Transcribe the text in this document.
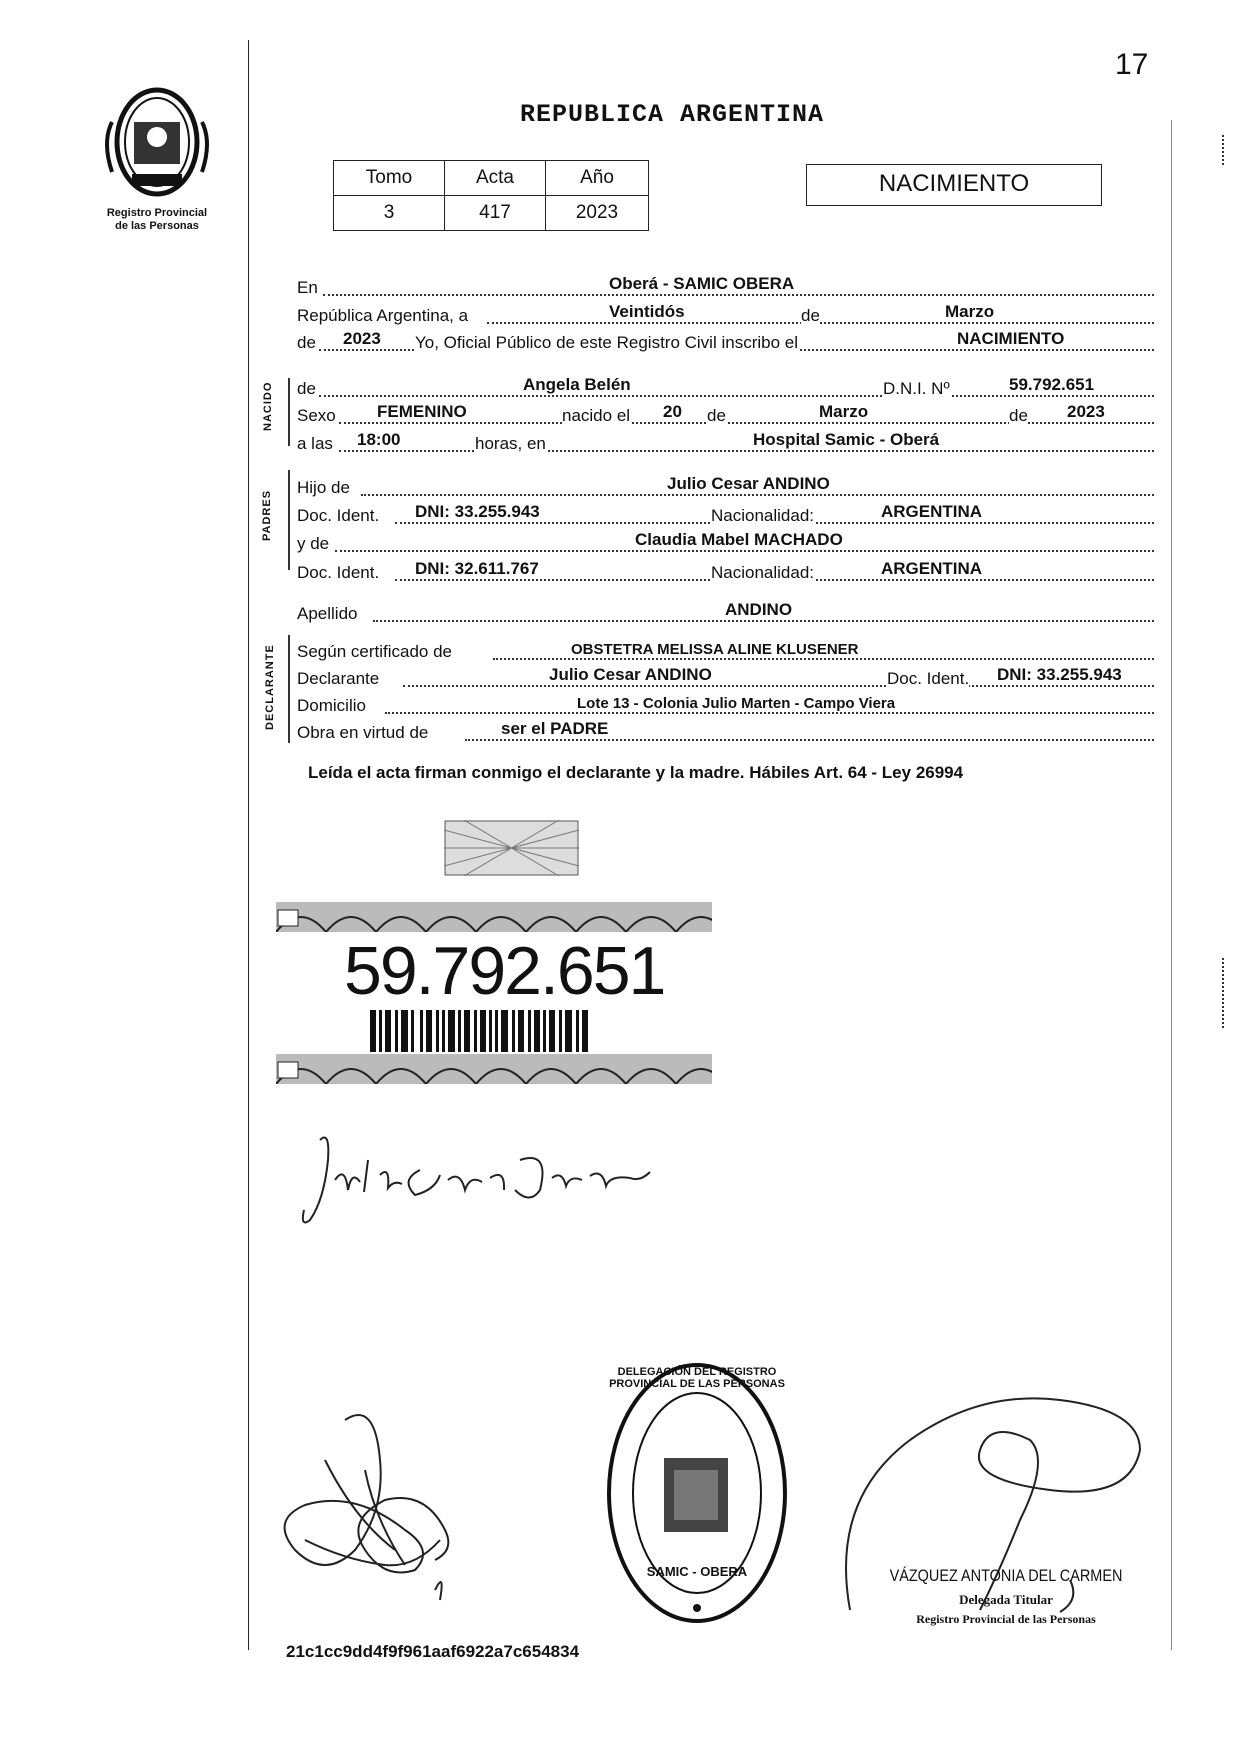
17
REPUBLICA ARGENTINA
Registro Provincial
de las Personas
Tomo	Acta	Año
3	417	2023
NACIMIENTO
NACIDO
PADRES
DECLARANTE
En	Oberá - SAMIC OBERA
República Argentina, a	Veintidós	de	Marzo
de 2023 Yo, Oficial Público de este Registro Civil inscribo el	NACIMIENTO
de	Angela Belén	D.N.I. Nº	59.792.651
Sexo FEMENINO	nacido el 20 de	Marzo	de 2023
a las 18:00	horas, en	Hospital Samic - Oberá
Hijo de	Julio Cesar ANDINO
Doc. Ident. DNI: 33.255.943	Nacionalidad:	ARGENTINA
y de	Claudia Mabel MACHADO
Doc. Ident. DNI: 32.611.767	Nacionalidad:	ARGENTINA
Apellido	ANDINO
Según certificado de	OBSTETRA MELISSA ALINE KLUSENER
Declarante	Julio Cesar ANDINO	Doc. Ident. DNI: 33.255.943
Domicilio	Lote 13 - Colonia Julio Marten - Campo Viera
Obra en virtud de	ser el PADRE
Leída el acta firman conmigo el declarante y la madre. Hábiles Art. 64 - Ley 26994
59.792.651
DELEGACIÓN DEL REGISTRO PROVINCIAL DE LAS PERSONAS
SAMIC - OBERA	VÁZQUEZ ANTONIA DEL CARMEN
Delegada Titular
Registro Provincial de las Personas
21c1cc9dd4f9f961aaf6922a7c654834
